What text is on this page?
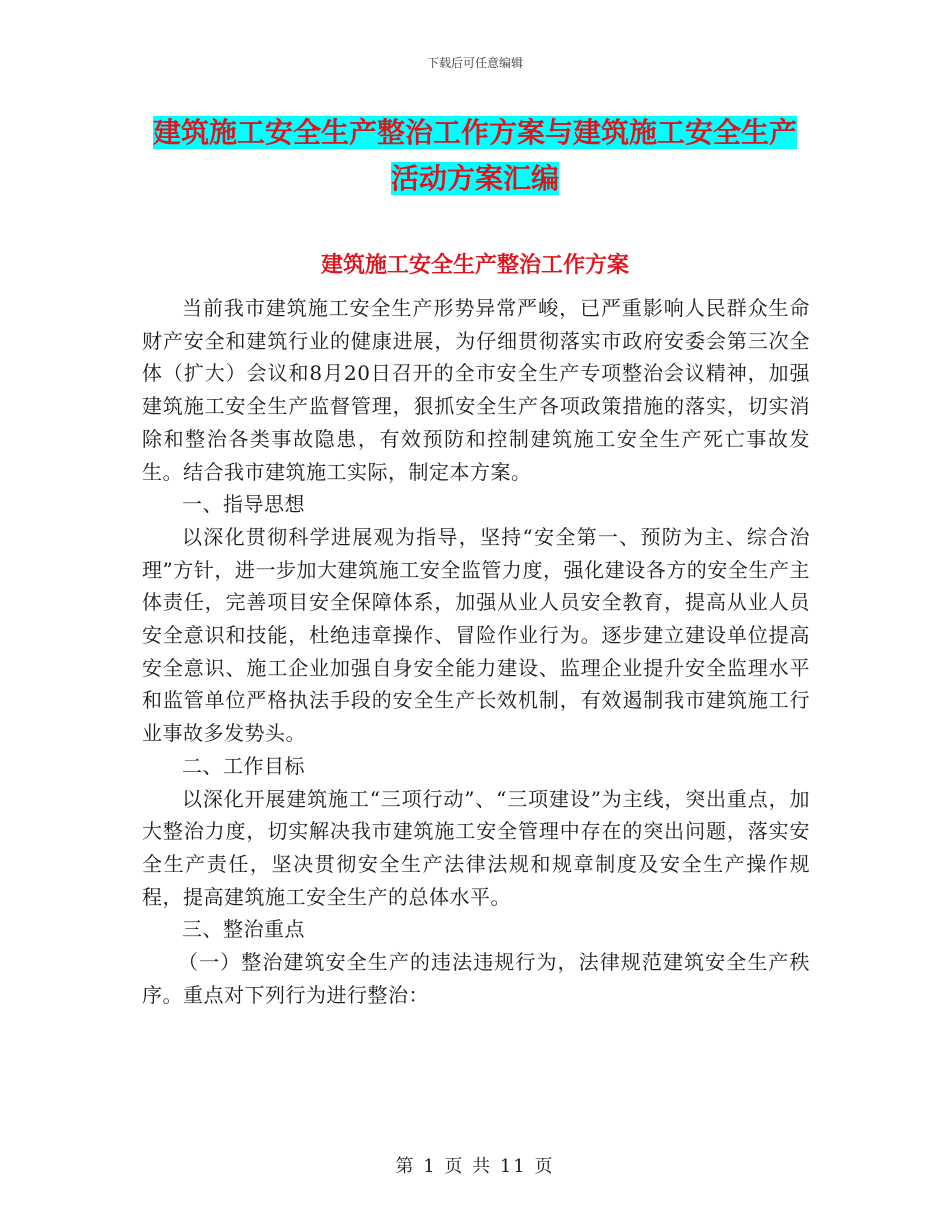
下载后可任意编辑
建筑施工安全生产整治工作方案与建筑施工安全生产
活动方案汇编
建筑施工安全生产整治工作方案

当前我市建筑施工安全生产形势异常严峻，已严重影响人民群众生命财产安全和建筑行业的健康进展，为仔细贯彻落实市政府安委会第三次全体（扩大）会议和8月20日召开的全市安全生产专项整治会议精神，加强建筑施工安全生产监督管理，狠抓安全生产各项政策措施的落实，切实消除和整治各类事故隐患，有效预防和控制建筑施工安全生产死亡事故发生。结合我市建筑施工实际，制定本方案。

一、指导思想

以深化贯彻科学进展观为指导，坚持“安全第一、预防为主、综合治理”方针，进一步加大建筑施工安全监管力度，强化建设各方的安全生产主体责任，完善项目安全保障体系，加强从业人员安全教育，提高从业人员安全意识和技能，杜绝违章操作、冒险作业行为。逐步建立建设单位提高安全意识、施工企业加强自身安全能力建设、监理企业提升安全监理水平和监管单位严格执法手段的安全生产长效机制，有效遏制我市建筑施工行业事故多发势头。

二、工作目标

以深化开展建筑施工“三项行动”、“三项建设”为主线，突出重点，加大整治力度，切实解决我市建筑施工安全管理中存在的突出问题，落实安全生产责任，坚决贯彻安全生产法律法规和规章制度及安全生产操作规程，提高建筑施工安全生产的总体水平。

三、整治重点

（一）整治建筑安全生产的违法违规行为，法律规范建筑安全生产秩序。重点对下列行为进行整治：

第 1 页 共 11 页
